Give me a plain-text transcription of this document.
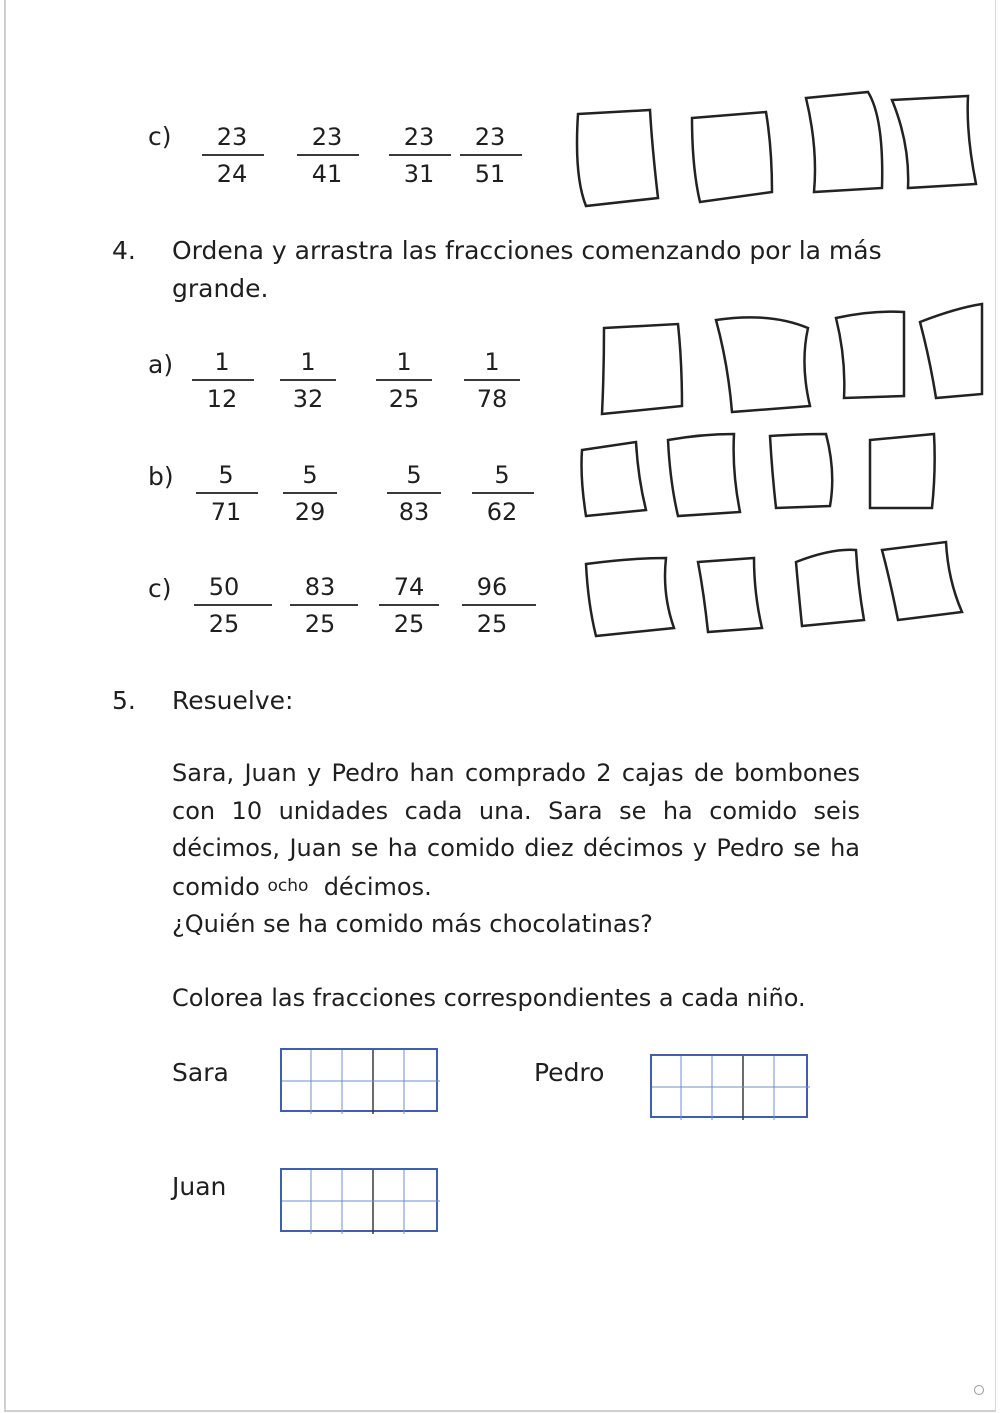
c)	23
24
23
41
23
31
23
51
4. Ordena y arrastra las fracciones comenzando por la más
grande.
a)	1
12
1
32
1
25
1
78
b)	5
71
5
29
5
83
5
62
c)	50
25
83
25
74
25
96
25
5. Resuelve:
Sara, Juan y Pedro han comprado 2 cajas de bombones
con 10 unidades cada una. Sara se ha comido seis
décimos, Juan se ha comido diez décimos y Pedro se ha
comido ocho décimos.
¿Quién se ha comido más chocolatinas?
Colorea las fracciones correspondientes a cada niño.
Sara	Pedro
Juan
